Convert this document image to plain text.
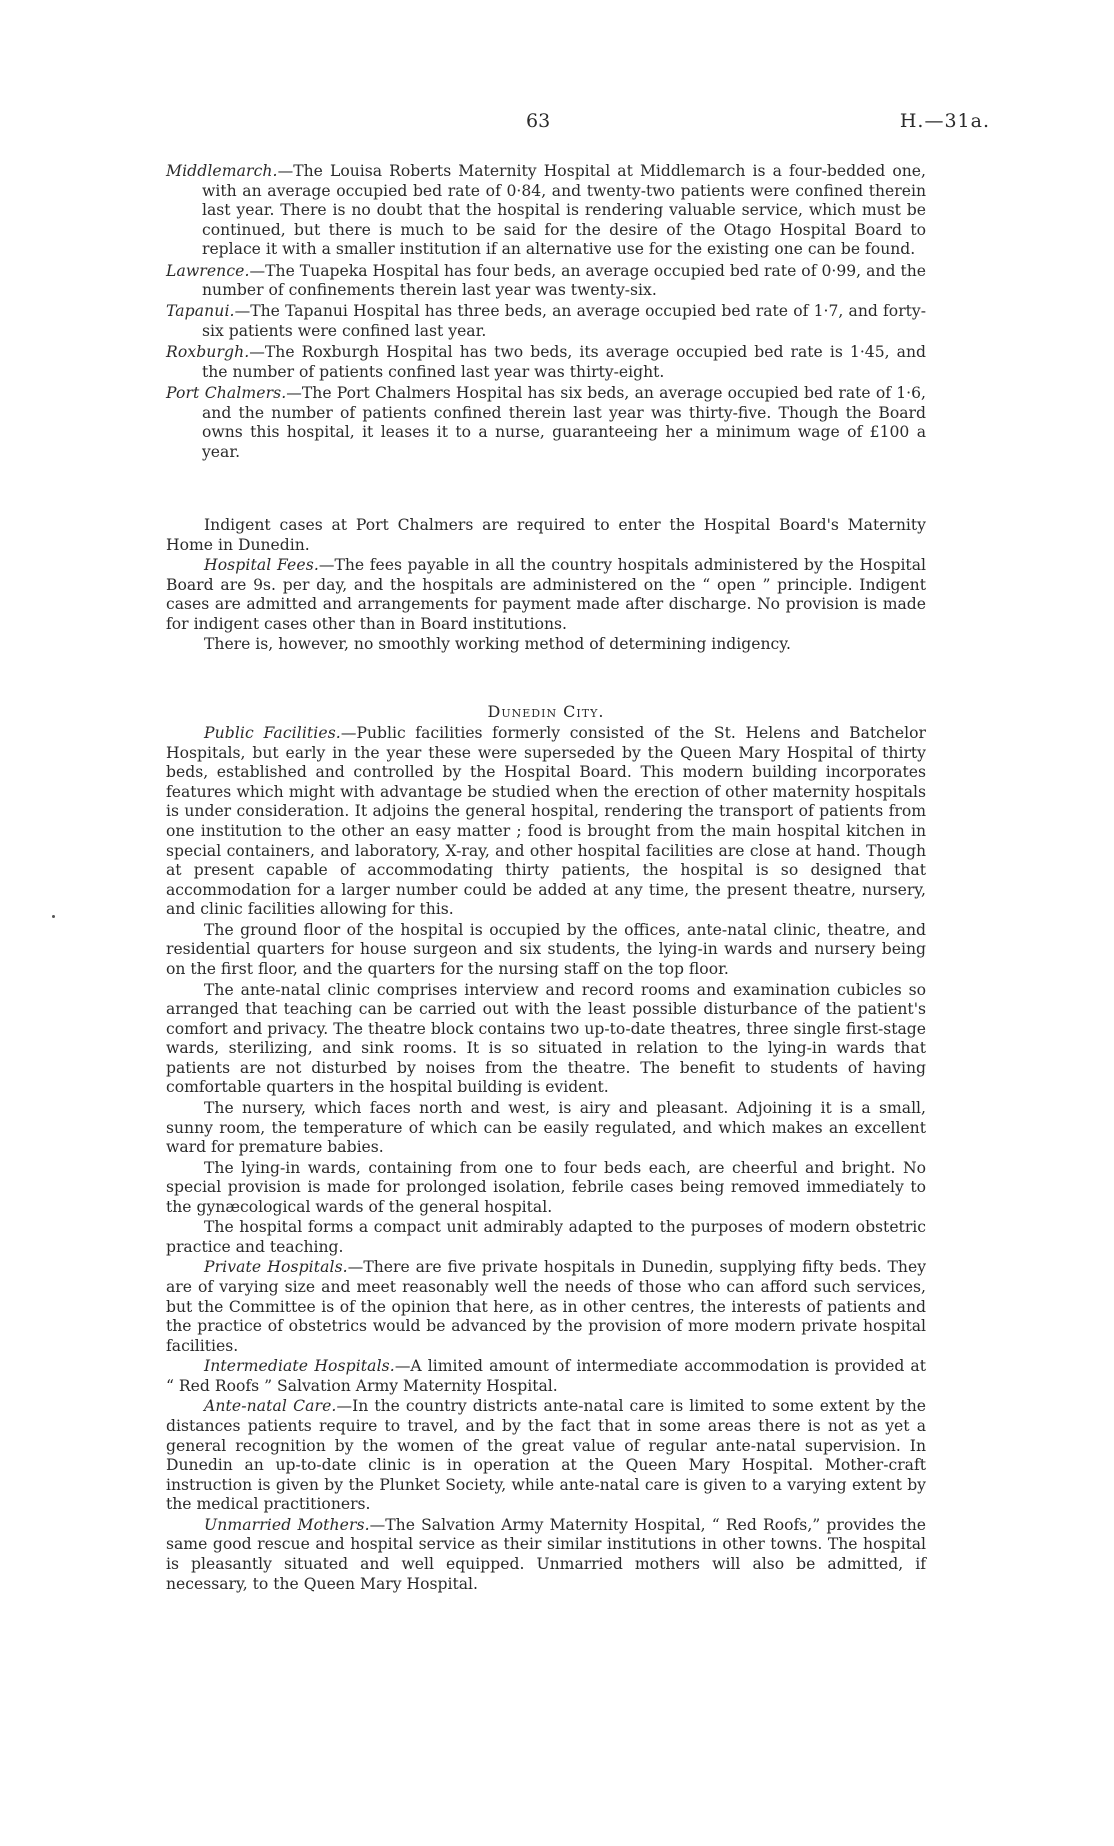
63	H.—31a.

Middlemarch.—The Louisa Roberts Maternity Hospital at Middlemarch is a four-bedded one, with an average occupied bed rate of 0·84, and twenty-two patients were confined therein last year. There is no doubt that the hospital is rendering valuable service, which must be continued, but there is much to be said for the desire of the Otago Hospital Board to replace it with a smaller institution if an alternative use for the existing one can be found.

Lawrence.—The Tuapeka Hospital has four beds, an average occupied bed rate of 0·99, and the number of confinements therein last year was twenty-six.

Tapanui.—The Tapanui Hospital has three beds, an average occupied bed rate of 1·7, and forty-six patients were confined last year.

Roxburgh.—The Roxburgh Hospital has two beds, its average occupied bed rate is 1·45, and the number of patients confined last year was thirty-eight.

Port Chalmers.—The Port Chalmers Hospital has six beds, an average occupied bed rate of 1·6, and the number of patients confined therein last year was thirty-five. Though the Board owns this hospital, it leases it to a nurse, guaranteeing her a minimum wage of £100 a year.

Indigent cases at Port Chalmers are required to enter the Hospital Board's Maternity Home in Dunedin.

Hospital Fees.—The fees payable in all the country hospitals administered by the Hospital Board are 9s. per day, and the hospitals are administered on the “ open ” principle. Indigent cases are admitted and arrangements for payment made after discharge. No provision is made for indigent cases other than in Board institutions.

There is, however, no smoothly working method of determining indigency.

Dunedin City.

Public Facilities.—Public facilities formerly consisted of the St. Helens and Batchelor Hospitals, but early in the year these were superseded by the Queen Mary Hospital of thirty beds, established and controlled by the Hospital Board. This modern building incorporates features which might with advantage be studied when the erection of other maternity hospitals is under consideration. It adjoins the general hospital, rendering the transport of patients from one institution to the other an easy matter ; food is brought from the main hospital kitchen in special containers, and laboratory, X-ray, and other hospital facilities are close at hand. Though at present capable of accommodating thirty patients, the hospital is so designed that accommodation for a larger number could be added at any time, the present theatre, nursery, and clinic facilities allowing for this.

The ground floor of the hospital is occupied by the offices, ante-natal clinic, theatre, and residential quarters for house surgeon and six students, the lying-in wards and nursery being on the first floor, and the quarters for the nursing staff on the top floor.

The ante-natal clinic comprises interview and record rooms and examination cubicles so arranged that teaching can be carried out with the least possible disturbance of the patient's comfort and privacy. The theatre block contains two up-to-date theatres, three single first-stage wards, sterilizing, and sink rooms. It is so situated in relation to the lying-in wards that patients are not disturbed by noises from the theatre. The benefit to students of having comfortable quarters in the hospital building is evident.

The nursery, which faces north and west, is airy and pleasant. Adjoining it is a small, sunny room, the temperature of which can be easily regulated, and which makes an excellent ward for premature babies.

The lying-in wards, containing from one to four beds each, are cheerful and bright. No special provision is made for prolonged isolation, febrile cases being removed immediately to the gynæcological wards of the general hospital.

The hospital forms a compact unit admirably adapted to the purposes of modern obstetric practice and teaching.

Private Hospitals.—There are five private hospitals in Dunedin, supplying fifty beds. They are of varying size and meet reasonably well the needs of those who can afford such services, but the Committee is of the opinion that here, as in other centres, the interests of patients and the practice of obstetrics would be advanced by the provision of more modern private hospital facilities.

Intermediate Hospitals.—A limited amount of intermediate accommodation is provided at “ Red Roofs ” Salvation Army Maternity Hospital.

Ante-natal Care.—In the country districts ante-natal care is limited to some extent by the distances patients require to travel, and by the fact that in some areas there is not as yet a general recognition by the women of the great value of regular ante-natal supervision. In Dunedin an up-to-date clinic is in operation at the Queen Mary Hospital. Mother-craft instruction is given by the Plunket Society, while ante-natal care is given to a varying extent by the medical practitioners.

Unmarried Mothers.—The Salvation Army Maternity Hospital, “ Red Roofs,” provides the same good rescue and hospital service as their similar institutions in other towns. The hospital is pleasantly situated and well equipped. Unmarried mothers will also be admitted, if necessary, to the Queen Mary Hospital.
